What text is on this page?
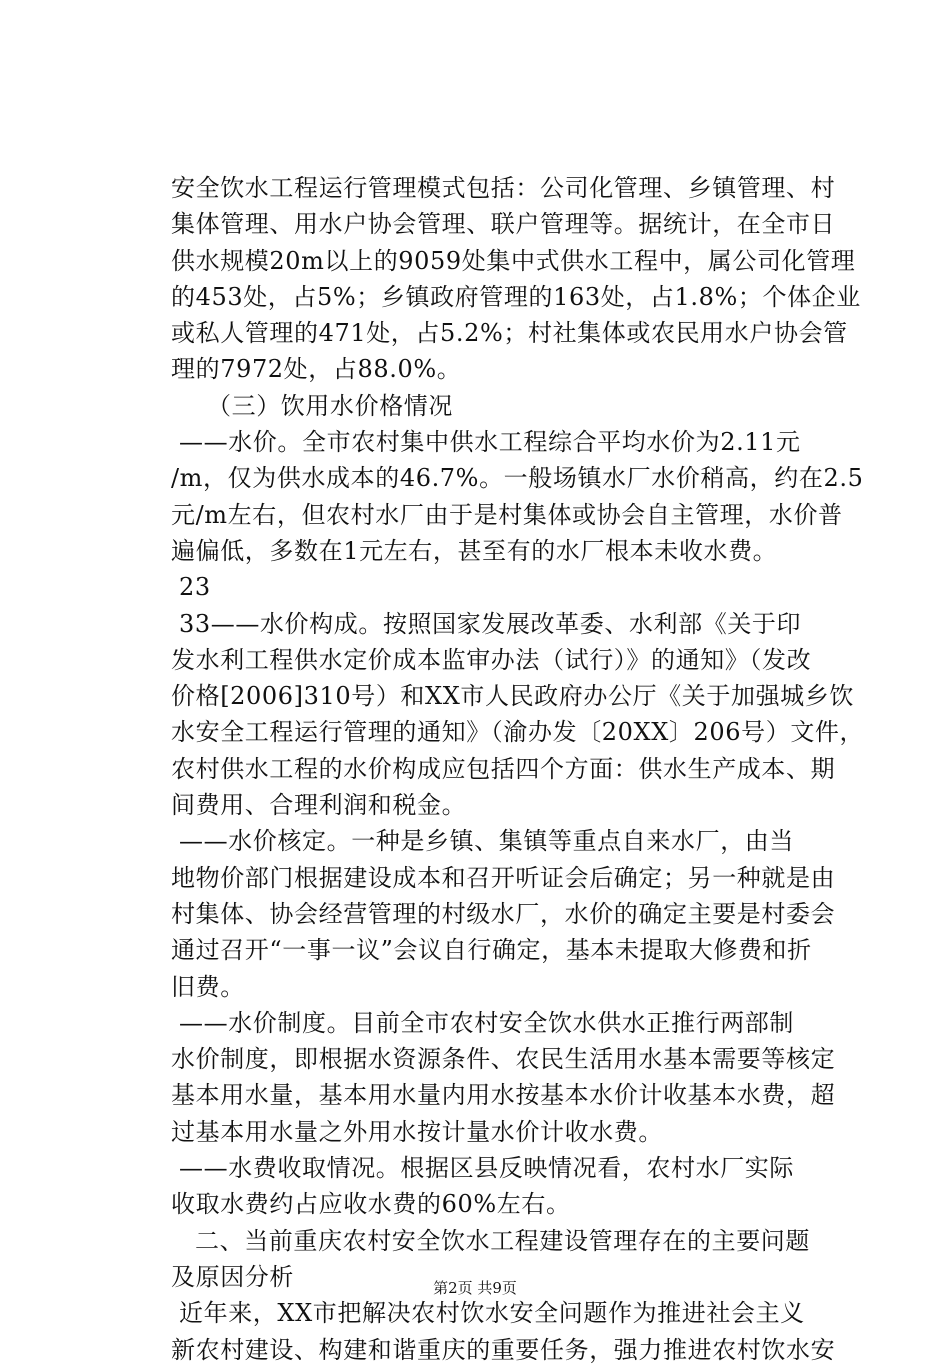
安全饮水工程运行管理模式包括：公司化管理、乡镇管理、村
集体管理、用水户协会管理、联户管理等。据统计，在全市日
供水规模20m以上的9059处集中式供水工程中，属公司化管理
的453处，占5%；乡镇政府管理的163处，占1.8%；个体企业
或私人管理的471处，占5.2%；村社集体或农民用水户协会管
理的7972处，占88.0%。
（三）饮用水价格情况
——水价。全市农村集中供水工程综合平均水价为2.11元
/m，仅为供水成本的46.7%。一般场镇水厂水价稍高，约在2.5
元/m左右，但农村水厂由于是村集体或协会自主管理，水价普
遍偏低，多数在1元左右，甚至有的水厂根本未收水费。
23
33——水价构成。按照国家发展改革委、水利部《关于印
发水利工程供水定价成本监审办法（试行）》的通知》（发改
价格[2006]310号）和XX市人民政府办公厅《关于加强城乡饮
水安全工程运行管理的通知》（渝办发〔20XX〕206号）文件，
农村供水工程的水价构成应包括四个方面：供水生产成本、期
间费用、合理利润和税金。
——水价核定。一种是乡镇、集镇等重点自来水厂，由当
地物价部门根据建设成本和召开听证会后确定；另一种就是由
村集体、协会经营管理的村级水厂，水价的确定主要是村委会
通过召开“一事一议”会议自行确定，基本未提取大修费和折
旧费。
——水价制度。目前全市农村安全饮水供水正推行两部制
水价制度，即根据水资源条件、农民生活用水基本需要等核定
基本用水量，基本用水量内用水按基本水价计收基本水费，超
过基本用水量之外用水按计量水价计收水费。
——水费收取情况。根据区县反映情况看，农村水厂实际
收取水费约占应收水费的60%左右。
二、当前重庆农村安全饮水工程建设管理存在的主要问题
及原因分析
近年来，XX市把解决农村饮水安全问题作为推进社会主义
新农村建设、构建和谐重庆的重要任务，强力推进农村饮水安
第2页 共9页
